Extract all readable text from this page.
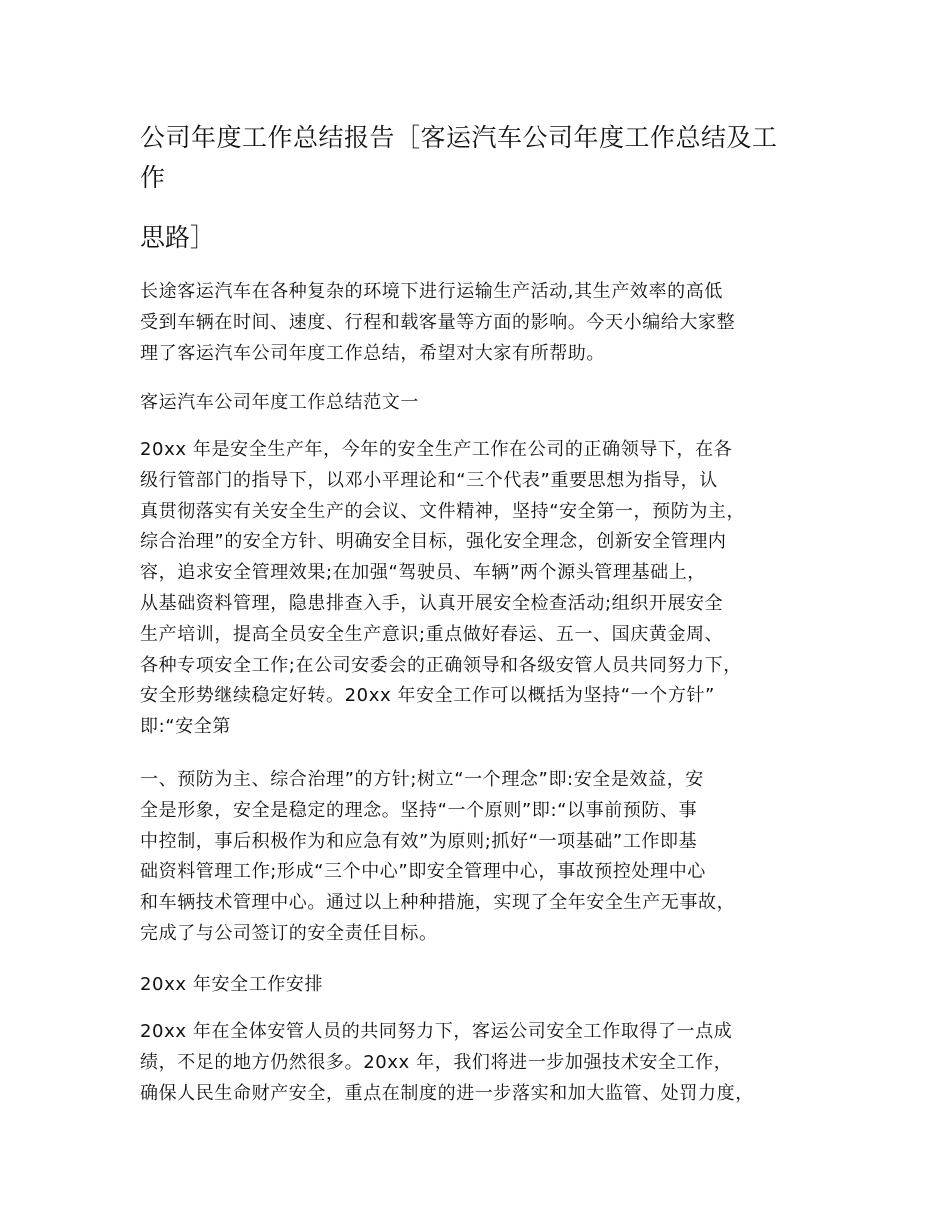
公司年度工作总结报告［客运汽车公司年度工作总结及工
作
思路］
长途客运汽车在各种复杂的环境下进行运输生产活动,其生产效率的高低
受到车辆在时间、速度、行程和载客量等方面的影响。今天小编给大家整
理了客运汽车公司年度工作总结，希望对大家有所帮助。
客运汽车公司年度工作总结范文一
20xx 年是安全生产年，今年的安全生产工作在公司的正确领导下，在各
级行管部门的指导下，以邓小平理论和“三个代表”重要思想为指导，认
真贯彻落实有关安全生产的会议、文件精神，坚持“安全第一，预防为主，
综合治理”的安全方针、明确安全目标，强化安全理念，创新安全管理内
容，追求安全管理效果;在加强“驾驶员、车辆”两个源头管理基础上，
从基础资料管理，隐患排查入手，认真开展安全检查活动;组织开展安全
生产培训，提高全员安全生产意识;重点做好春运、五一、国庆黄金周、
各种专项安全工作;在公司安委会的正确领导和各级安管人员共同努力下，
安全形势继续稳定好转。20xx 年安全工作可以概括为坚持“一个方针”
即:“安全第
一、预防为主、综合治理”的方针;树立“一个理念”即:安全是效益，安
全是形象，安全是稳定的理念。坚持“一个原则”即:“以事前预防、事
中控制，事后积极作为和应急有效”为原则;抓好“一项基础”工作即基
础资料管理工作;形成“三个中心”即安全管理中心，事故预控处理中心
和车辆技术管理中心。通过以上种种措施，实现了全年安全生产无事故，
完成了与公司签订的安全责任目标。
20xx 年安全工作安排
20xx 年在全体安管人员的共同努力下，客运公司安全工作取得了一点成
绩，不足的地方仍然很多。20xx 年，我们将进一步加强技术安全工作，
确保人民生命财产安全，重点在制度的进一步落实和加大监管、处罚力度，
